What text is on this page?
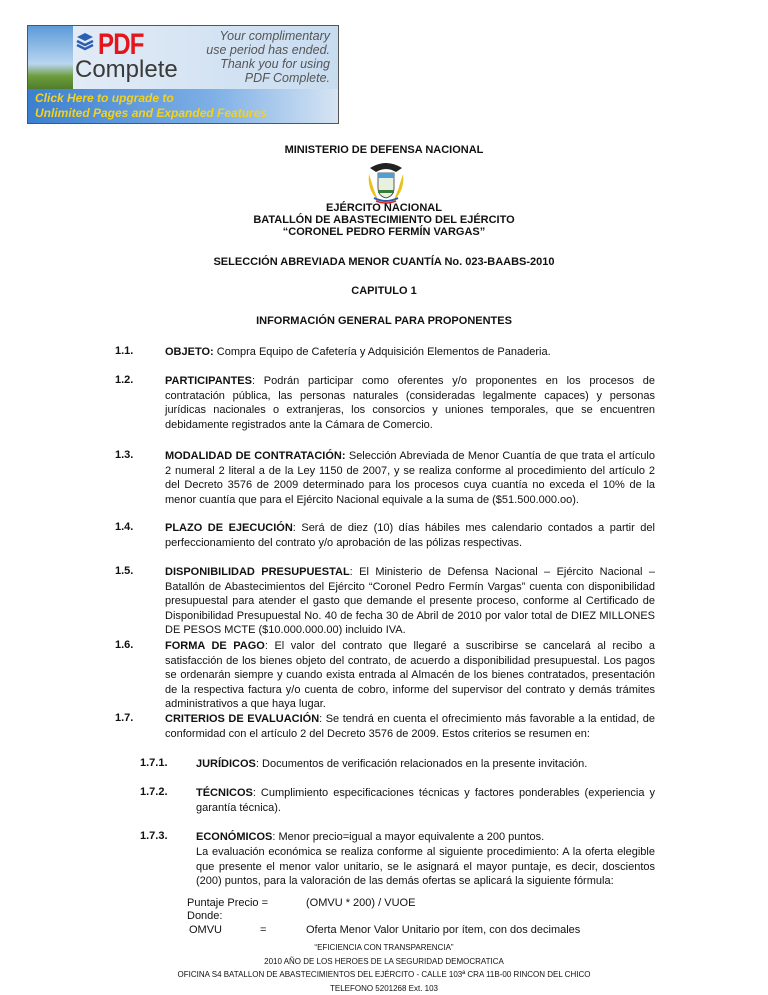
PDF
Complete
Your complimentary
use period has ended.
Thank you for using
PDF Complete.
Click Here to upgrade to
Unlimited Pages and Expanded Features
MINISTERIO DE DEFENSA NACIONAL
EJÉRCITO NACIONAL
BATALLÓN DE ABASTECIMIENTO DEL EJÉRCITO
“CORONEL PEDRO FERMÍN VARGAS”
SELECCIÓN ABREVIADA MENOR CUANTÍA No. 023-BAABS-2010
CAPITULO 1
INFORMACIÓN GENERAL PARA PROPONENTES
1.1.	OBJETO: Compra Equipo de Cafetería y Adquisición Elementos de Panaderia.
1.2.	PARTICIPANTES: Podrán participar como oferentes y/o proponentes en los procesos de contratación pública, las personas naturales (consideradas legalmente capaces) y personas jurídicas nacionales o extranjeras, los consorcios y uniones temporales, que se encuentren debidamente registrados ante la Cámara de Comercio.
1.3.	MODALIDAD DE CONTRATACIÓN: Selección Abreviada de Menor Cuantía de que trata el artículo 2 numeral 2 literal a de la Ley 1150 de 2007, y se realiza conforme al procedimiento del artículo 2 del Decreto 3576 de 2009 determinado para los procesos cuya cuantía no exceda el 10% de la menor cuantía que para el Ejército Nacional equivale a la suma de ($51.500.000.oo).
1.4.	PLAZO DE EJECUCIÓN: Será de diez (10) días hábiles mes calendario contados a partir del perfeccionamiento del contrato y/o aprobación de las pólizas respectivas.
1.5.	DISPONIBILIDAD PRESUPUESTAL: El Ministerio de Defensa Nacional – Ejército Nacional – Batallón de Abastecimientos del Ejército “Coronel Pedro Fermín Vargas” cuenta con disponibilidad presupuestal para atender el gasto que demande el presente proceso, conforme al Certificado de Disponibilidad Presupuestal No. 40 de fecha 30 de Abril de 2010 por valor total de DIEZ MILLONES DE PESOS MCTE ($10.000.000.00) incluido IVA.
1.6.	FORMA DE PAGO: El valor del contrato que llegaré a suscribirse se cancelará al recibo a satisfacción de los bienes objeto del contrato, de acuerdo a disponibilidad presupuestal. Los pagos se ordenarán siempre y cuando exista entrada al Almacén de los bienes contratados, presentación de la respectiva factura y/o cuenta de cobro, informe del supervisor del contrato y demás trámites administrativos a que haya lugar.
1.7.	CRITERIOS DE EVALUACIÓN: Se tendrá en cuenta el ofrecimiento más favorable a la entidad, de conformidad con el artículo 2 del Decreto 3576 de 2009. Estos criterios se resumen en:
1.7.1.	JURÍDICOS: Documentos de verificación relacionados en la presente invitación.
1.7.2.	TÉCNICOS: Cumplimiento especificaciones técnicas y factores ponderables (experiencia y garantía técnica).
1.7.3.	ECONÓMICOS: Menor precio=igual a mayor equivalente a 200 puntos.
La evaluación económica se realiza conforme al siguiente procedimiento: A la oferta elegible que presente el menor valor unitario, se le asignará el mayor puntaje, es decir, doscientos (200) puntos, para la valoración de las demás ofertas se aplicará la siguiente fórmula:
Puntaje Precio =	(OMVU * 200) / VUOE
Donde:
OMVU	=	Oferta Menor Valor Unitario por ítem, con dos decimales
“EFICIENCIA CON TRANSPARENCIA”
2010 AÑO DE LOS HEROES DE LA SEGURIDAD DEMOCRATICA
OFICINA S4 BATALLON DE ABASTECIMIENTOS DEL EJÉRCITO - CALLE 103ª CRA 11B-00 RINCON DEL CHICO
TELEFONO 5201268 Ext. 103
